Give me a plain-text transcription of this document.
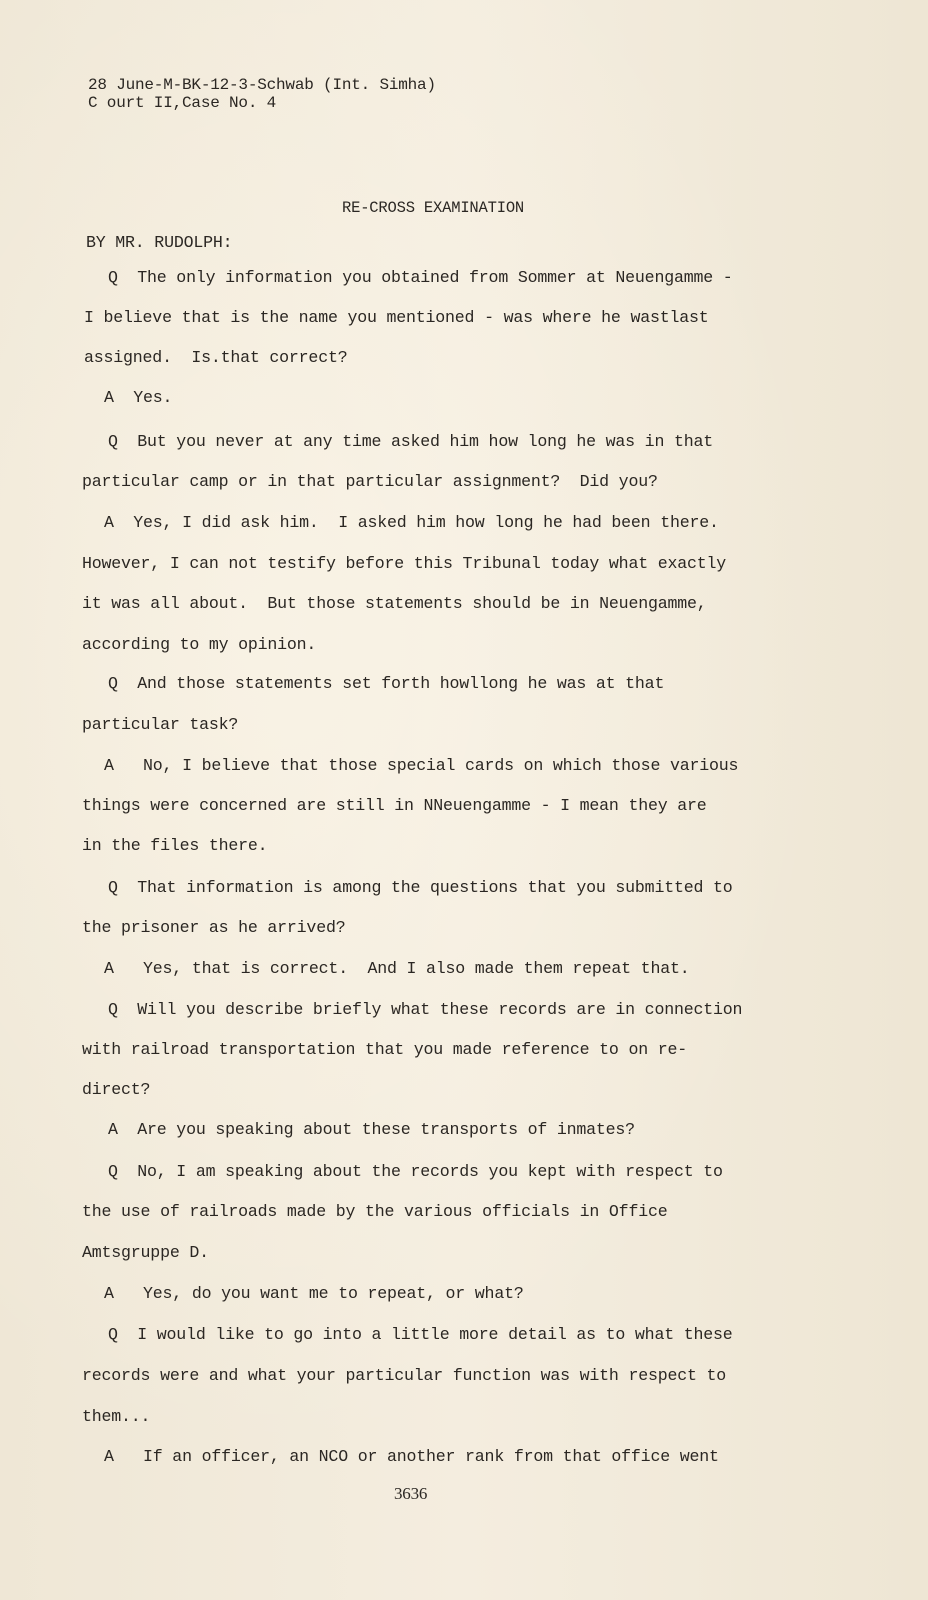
28 June-M-BK-12-3-Schwab (Int. Simha)
C ourt II,Case No. 4
RE-CROSS EXAMINATION
BY MR. RUDOLPH:
Q  The only information you obtained from Sommer at Neuengamme -
I believe that is the name you mentioned - was where he wastlast
assigned.  Is.that correct?
A  Yes.
Q  But you never at any time asked him how long he was in that
particular camp or in that particular assignment?  Did you?
A  Yes, I did ask him.  I asked him how long he had been there.
However, I can not testify before this Tribunal today what exactly
it was all about.  But those statements should be in Neuengamme,
according to my opinion.
Q  And those statements set forth howllong he was at that
particular task?
A   No, I believe that those special cards on which those various
things were concerned are still in NNeuengamme - I mean they are
in the files there.
Q  That information is among the questions that you submitted to
the prisoner as he arrived?
A   Yes, that is correct.  And I also made them repeat that.
Q  Will you describe briefly what these records are in connection
with railroad transportation that you made reference to on re-
direct?
A  Are you speaking about these transports of inmates?
Q  No, I am speaking about the records you kept with respect to
the use of railroads made by the various officials in Office
Amtsgruppe D.
A   Yes, do you want me to repeat, or what?
Q  I would like to go into a little more detail as to what these
records were and what your particular function was with respect to
them...
A   If an officer, an NCO or another rank from that office went
3636
